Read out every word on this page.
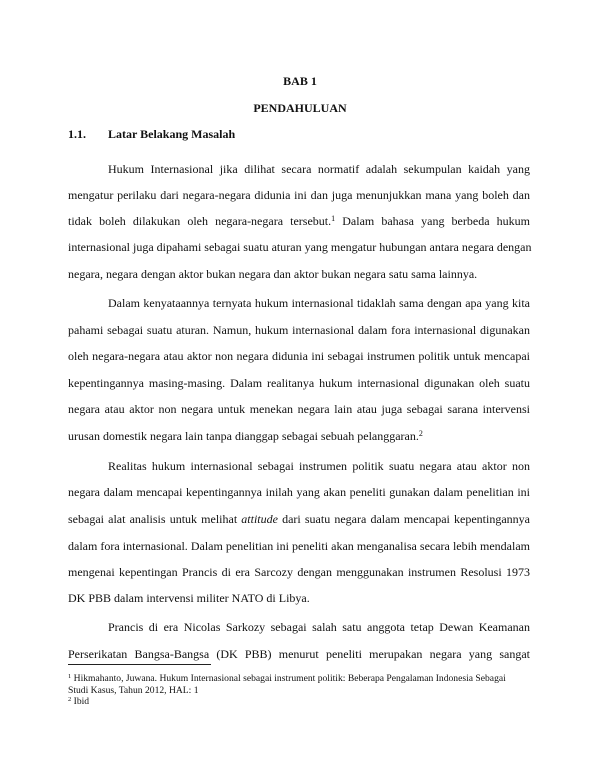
BAB 1
PENDAHULUAN
1.1. Latar Belakang Masalah
Hukum Internasional jika dilihat secara normatif adalah sekumpulan kaidah yang
mengatur perilaku dari negara-negara didunia ini dan juga menunjukkan mana yang boleh dan
tidak boleh dilakukan oleh negara-negara tersebut.$^1$ Dalam bahasa yang berbeda hukum
internasional juga dipahami sebagai suatu aturan yang mengatur hubungan antara negara dengan
negara, negara dengan aktor bukan negara dan aktor bukan negara satu sama lainnya.
Dalam kenyataannya ternyata hukum internasional tidaklah sama dengan apa yang kita
pahami sebagai suatu aturan. Namun, hukum internasional dalam fora internasional digunakan
oleh negara-negara atau aktor non negara didunia ini sebagai instrumen politik untuk mencapai
kepentingannya masing-masing. Dalam realitanya hukum internasional digunakan oleh suatu
negara atau aktor non negara untuk menekan negara lain atau juga sebagai sarana intervensi
urusan domestik negara lain tanpa dianggap sebagai sebuah pelanggaran.$^2$
Realitas hukum internasional sebagai instrumen politik suatu negara atau aktor non
negara dalam mencapai kepentingannya inilah yang akan peneliti gunakan dalam penelitian ini
sebagai alat analisis untuk melihat attitude dari suatu negara dalam mencapai kepentingannya
dalam fora internasional. Dalam penelitian ini peneliti akan menganalisa secara lebih mendalam
mengenai kepentingan Prancis di era Sarcozy dengan menggunakan instrumen Resolusi 1973
DK PBB dalam intervensi militer NATO di Libya.
Prancis di era Nicolas Sarkozy sebagai salah satu anggota tetap Dewan Keamanan
Perserikatan Bangsa-Bangsa (DK PBB) menurut peneliti merupakan negara yang sangat
$^1$ Hikmahanto, Juwana. Hukum Internasional sebagai instrument politik: Beberapa Pengalaman Indonesia Sebagai
Studi Kasus, Tahun 2012, HAL: 1
$^2$ Ibid
